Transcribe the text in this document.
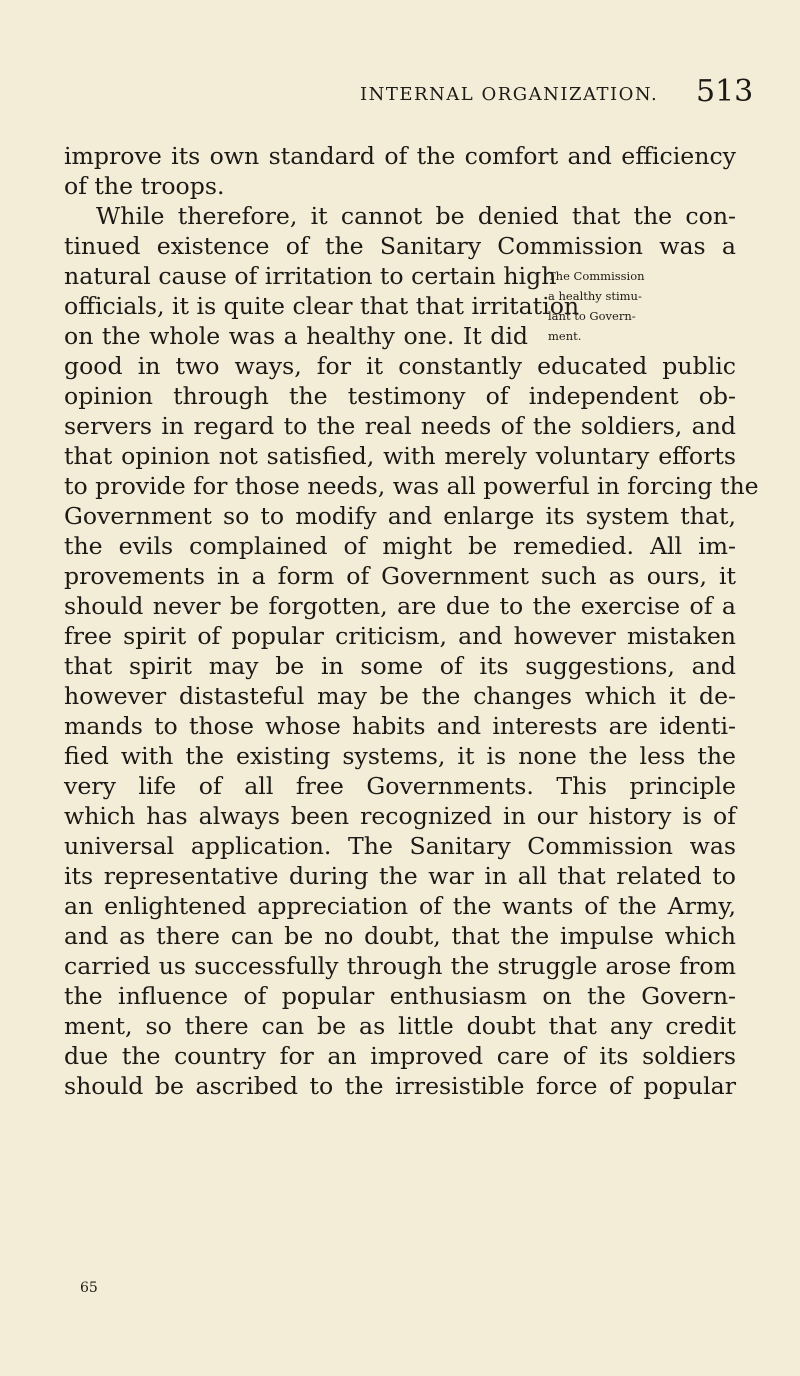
INTERNAL ORGANIZATION. 513
improve its own standard of the comfort and efficiency
of the troops.
While therefore, it cannot be denied that the con-
tinued existence of the Sanitary Commission was a
natural cause of irritation to certain high
officials, it is quite clear that that irritation
on the whole was a healthy one. It did
good in two ways, for it constantly educated public
opinion through the testimony of independent ob-
servers in regard to the real needs of the soldiers, and
that opinion not satisfied, with merely voluntary efforts
to provide for those needs, was all powerful in forcing the
Government so to modify and enlarge its system that,
the evils complained of might be remedied. All im-
provements in a form of Government such as ours, it
should never be forgotten, are due to the exercise of a
free spirit of popular criticism, and however mistaken
that spirit may be in some of its suggestions, and
however distasteful may be the changes which it de-
mands to those whose habits and interests are identi-
fied with the existing systems, it is none the less the
very life of all free Governments. This principle
which has always been recognized in our history is of
universal application. The Sanitary Commission was
its representative during the war in all that related to
an enlightened appreciation of the wants of the Army,
and as there can be no doubt, that the impulse which
carried us successfully through the struggle arose from
the influence of popular enthusiasm on the Govern-
ment, so there can be as little doubt that any credit
due the country for an improved care of its soldiers
should be ascribed to the irresistible force of popular
The Commission
a healthy stimu-
lant to Govern-
ment.
65
